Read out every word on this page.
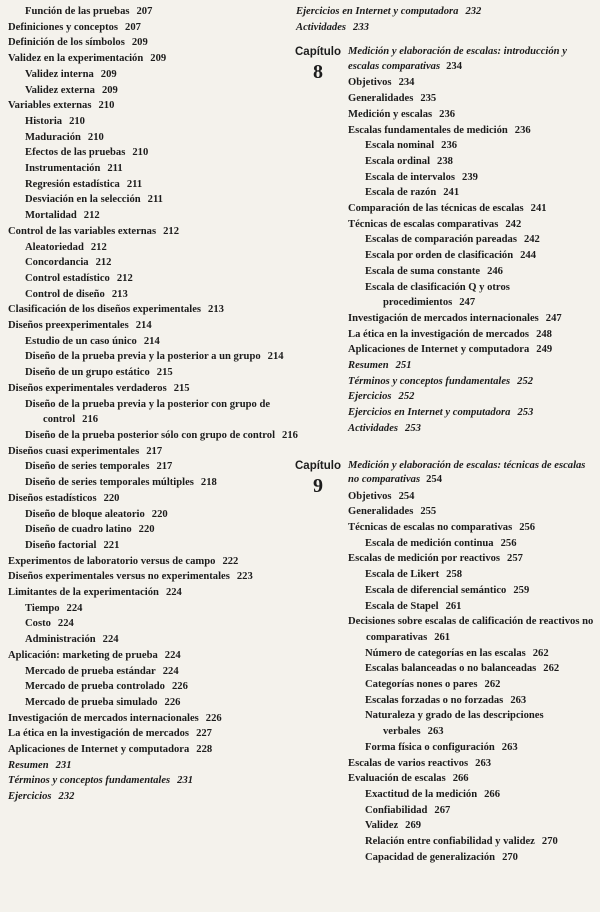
Función de las pruebas 207

Definiciones y conceptos 207

Definición de los símbolos 209

Validez en la experimentación 209

Validez interna 209

Validez externa 209

Variables externas 210

Historia 210

Maduración 210

Efectos de las pruebas 210

Instrumentación 211

Regresión estadística 211

Desviación en la selección 211

Mortalidad 212

Control de las variables externas 212

Aleatoriedad 212

Concordancia 212

Control estadístico 212

Control de diseño 213

Clasificación de los diseños experimentales 213

Diseños preexperimentales 214

Estudio de un caso único 214

Diseño de la prueba previa y la posterior a un grupo 214

Diseño de un grupo estático 215

Diseños experimentales verdaderos 215

Diseño de la prueba previa y la posterior con grupo de control 216

Diseño de la prueba posterior sólo con grupo de control 216

Diseños cuasi experimentales 217

Diseño de series temporales 217

Diseño de series temporales múltiples 218

Diseños estadísticos 220

Diseño de bloque aleatorio 220

Diseño de cuadro latino 220

Diseño factorial 221

Experimentos de laboratorio versus de campo 222

Diseños experimentales versus no experimentales 223

Limitantes de la experimentación 224

Tiempo 224

Costo 224

Administración 224

Aplicación: marketing de prueba 224

Mercado de prueba estándar 224

Mercado de prueba controlado 226

Mercado de prueba simulado 226

Investigación de mercados internacionales 226

La ética en la investigación de mercados 227

Aplicaciones de Internet y computadora 228

Resumen 231

Términos y conceptos fundamentales 231

Ejercicios 232

Ejercicios en Internet y computadora 232

Actividades 233

Capítulo
8

Medición y elaboración de escalas: introducción y escalas comparativas 234

Objetivos 234

Generalidades 235

Medición y escalas 236

Escalas fundamentales de medición 236

Escala nominal 236

Escala ordinal 238

Escala de intervalos 239

Escala de razón 241

Comparación de las técnicas de escalas 241

Técnicas de escalas comparativas 242

Escalas de comparación pareadas 242

Escala por orden de clasificación 244

Escala de suma constante 246

Escala de clasificación Q y otros procedimientos 247

Investigación de mercados internacionales 247

La ética en la investigación de mercados 248

Aplicaciones de Internet y computadora 249

Resumen 251

Términos y conceptos fundamentales 252

Ejercicios 252

Ejercicios en Internet y computadora 253

Actividades 253

Capítulo
9

Medición y elaboración de escalas: técnicas de escalas no comparativas 254

Objetivos 254

Generalidades 255

Técnicas de escalas no comparativas 256

Escala de medición continua 256

Escalas de medición por reactivos 257

Escala de Likert 258

Escala de diferencial semántico 259

Escala de Stapel 261

Decisiones sobre escalas de calificación de reactivos no comparativas 261

Número de categorías en las escalas 262

Escalas balanceadas o no balanceadas 262

Categorías nones o pares 262

Escalas forzadas o no forzadas 263

Naturaleza y grado de las descripciones verbales 263

Forma física o configuración 263

Escalas de varios reactivos 263

Evaluación de escalas 266

Exactitud de la medición 266

Confiabilidad 267

Validez 269

Relación entre confiabilidad y validez 270

Capacidad de generalización 270
